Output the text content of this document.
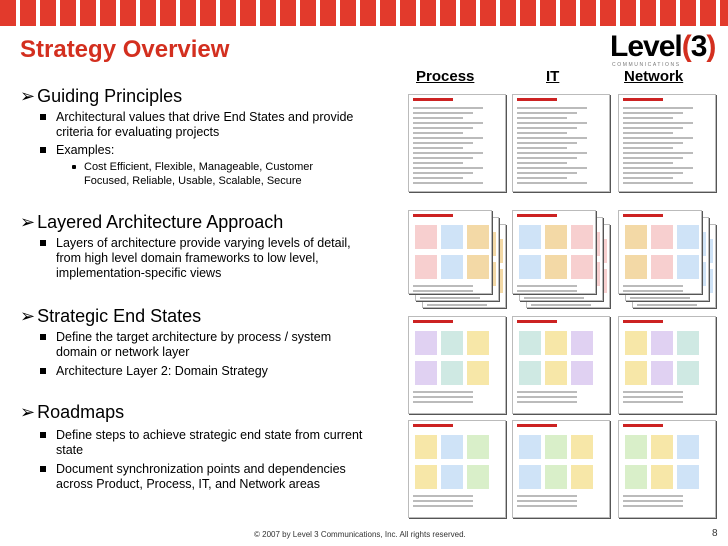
Strategy Overview	Level(3)
COMMUNICATIONS
Process	IT	Network
➢ Guiding Principles
Architectural values that drive End States and provide criteria for evaluating projects
Examples:
Cost Efficient, Flexible, Manageable, Customer Focused, Reliable, Usable, Scalable, Secure
➢ Layered Architecture Approach
Layers of architecture provide varying levels of detail, from high level domain frameworks to low level, implementation-specific views
➢ Strategic End States
Define the target architecture by process / system domain or network layer
Architecture Layer 2: Domain Strategy
➢ Roadmaps
Define steps to achieve strategic end state from current state
Document synchronization points and dependencies across Product, Process, IT, and Network areas
© 2007 by Level 3 Communications, Inc. All rights reserved.	8
